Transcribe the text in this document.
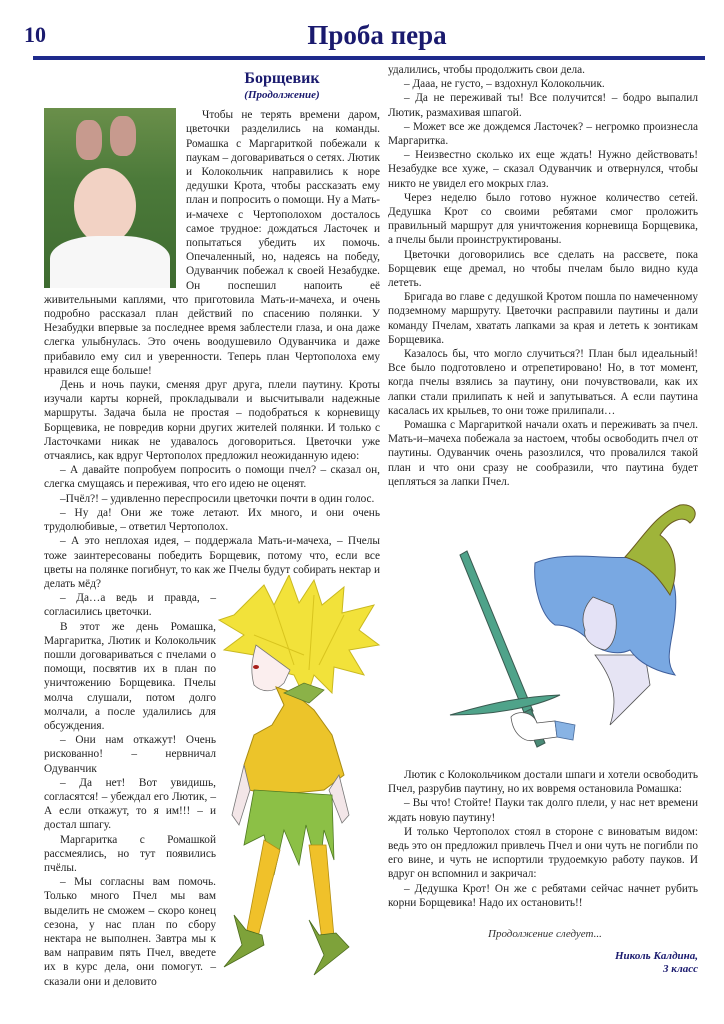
10	Проба пера
Борщевик
(Продолжение)

Чтобы не терять времени даром, цветочки разделились на команды. Ромашка с Маргариткой побежали к паукам – договариваться о сетях. Лютик и Колокольчик направились к норе дедушки Крота, чтобы рассказать ему план и попросить о помощи. Ну а Мать-и-мачехе с Чертополохом досталось самое трудное: дождаться Ласточек и попытаться убедить их помочь. Опечаленный, но, надеясь на победу, Одуванчик побежал к своей Незабудке. Он поспешил напоить её живительными каплями, что приготовила Мать-и-мачеха, и очень подробно рассказал план действий по спасению полянки. У Незабудки впервые за последнее время заблестели глаза, и она даже слегка улыбнулась. Это очень воодушевило Одуванчика и даже прибавило ему сил и уверенности. Теперь план Чертополоха ему нравился еще больше!

День и ночь пауки, сменяя друг друга, плели паутину. Кроты изучали карты корней, прокладывали и высчитывали надежные маршруты. Задача была не простая – подобраться к корневищу Борщевика, не повредив корни других жителей полянки. И только с Ласточками никак не удавалось договориться. Цветочки уже отчаялись, как вдруг Чертополох предложил неожиданную идею:

– А давайте попробуем попросить о помощи пчел? – сказал он, слегка смущаясь и переживая, что его идею не оценят.

–Пчёл?! – удивленно переспросили цветочки почти в один голос.

– Ну да! Они же тоже летают. Их много, и они очень трудолюбивые, – ответил Чертополох.

– А это неплохая идея, – поддержала Мать-и-мачеха, – Пчелы тоже заинтересованы победить Борщевик, потому что, если все цветы на полянке погибнут, то как же Пчелы будут собирать нектар и делать мёд?

– Да…а ведь и правда, – согласились цветочки.

В этот же день Ромашка, Маргаритка, Лютик и Колокольчик пошли договариваться с пчелами о помощи, посвятив их в план по уничтожению Борщевика. Пчелы молча слушали, потом долго молчали, а после удалились для обсуждения.

– Они нам откажут! Очень рискованно! – нервничал Одуванчик

– Да нет! Вот увидишь, согласятся! – убеждал его Лютик, – А если откажут, то я им!!! – и достал шпагу.

Маргаритка с Ромашкой рассмеялись, но тут появились пчёлы.

– Мы согласны вам помочь. Только много Пчел мы вам выделить не сможем – скоро конец сезона, у нас план по сбору нектара не выполнен. Завтра мы к вам направим пять Пчел, введете их в курс дела, они помогут. – сказали они и деловито

удалились, чтобы продолжить свои дела.

– Дааа, не густо, – вздохнул Колокольчик.

– Да не переживай ты! Все получится! – бодро выпалил Лютик, размахивая шпагой.

– Может все же дождемся Ласточек? – негромко произнесла Маргаритка.

– Неизвестно сколько их еще ждать! Нужно действовать! Незабудке все хуже, – сказал Одуванчик и отвернулся, чтобы никто не увидел его мокрых глаз.

Через неделю было готово нужное количество сетей. Дедушка Крот со своими ребятами смог проложить правильный маршрут для уничтожения корневища Борщевика, а пчелы были проинструктированы.

Цветочки договорились все сделать на рассвете, пока Борщевик еще дремал, но чтобы пчелам было видно куда лететь.

Бригада во главе с дедушкой Кротом пошла по намеченному подземному маршруту. Цветочки расправили паутины и дали команду Пчелам, хватать лапками за края и лететь к зонтикам Борщевика.

Казалось бы, что могло случиться?! План был идеальный! Все было подготовлено и отрепетировано! Но, в тот момент, когда пчелы взялись за паутину, они почувствовали, как их лапки стали прилипать к ней и запутываться. А если паутина касалась их крыльев, то они тоже прилипали…

Ромашка с Маргариткой начали охать и переживать за пчел. Мать-и–мачеха побежала за настоем, чтобы освободить пчел от паутины. Одуванчик очень разозлился, что провалился такой план и что они сразу не сообразили, что паутина будет цепляться за лапки Пчел.

Лютик с Колокольчиком достали шпаги и хотели освободить Пчел, разрубив паутину, но их вовремя остановила Ромашка:

– Вы что! Стойте! Пауки так долго плели, у нас нет времени ждать новую паутину!

И только Чертополох стоял в стороне с виноватым видом: ведь это он предложил привлечь Пчел и они чуть не погибли по его вине, и чуть не испортили трудоемкую работу пауков. И вдруг он вспомнил и закричал:

– Дедушка Крот! Он же с ребятами сейчас начнет рубить корни Борщевика! Надо их остановить!!

Продолжение следует...
Николь Калдина,
3 класс
